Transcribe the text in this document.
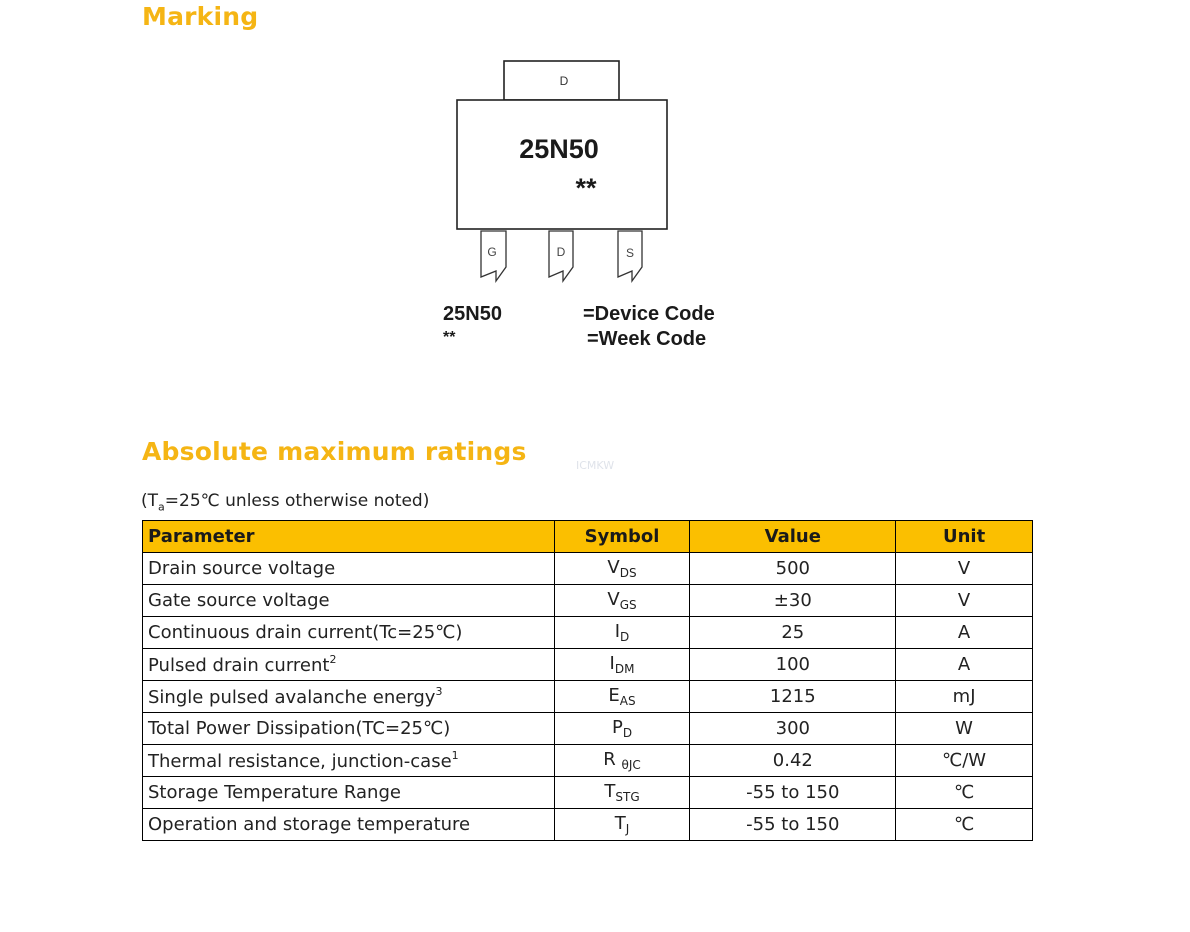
Marking
D
25N50
**
G	D	S
25N50	=Device Code
**	=Week Code
Absolute maximum ratings	ICMKW
($T_a=25℃$ unless otherwise noted)
Parameter	Symbol	Value	Unit
Drain source voltage	$V_{DS}$	500	V
Gate source voltage	$V_{GS}$	±30	V
Continuous drain current(Tc=25℃)	$I_D$	25	A
Pulsed drain current$^2$	$I_{DM}$	100	A
Single pulsed avalanche energy$^3$	$E_{AS}$	1215	mJ
Total Power Dissipation(TC=25℃)	$P_D$	300	W
Thermal resistance, junction-case$^1$	R $_{\theta JC}$	0.42	℃/W
Storage Temperature Range	$T_{STG}$	-55 to 150	℃
Operation and storage temperature	$T_J$	-55 to 150	℃
